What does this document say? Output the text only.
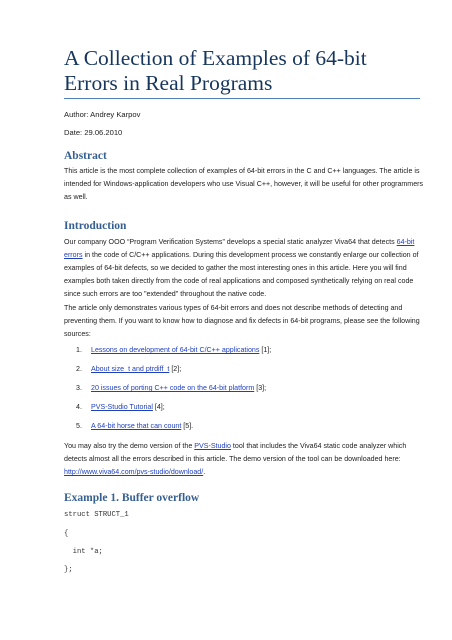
A Collection of Examples of 64-bit Errors in Real Programs
Author: Andrey Karpov
Date: 29.06.2010
Abstract

This article is the most complete collection of examples of 64-bit errors in the C and C++ languages. The article is intended for Windows-application developers who use Visual C++, however, it will be useful for other programmers as well.

Introduction

Our company OOO “Program Verification Systems” develops a special static analyzer Viva64 that detects 64-bit errors in the code of C/C++ applications. During this development process we constantly enlarge our collection of examples of 64-bit defects, so we decided to gather the most interesting ones in this article. Here you will find examples both taken directly from the code of real applications and composed synthetically relying on real code since such errors are too "extended" throughout the native code.

The article only demonstrates various types of 64-bit errors and does not describe methods of detecting and preventing them. If you want to know how to diagnose and fix defects in 64-bit programs, please see the following sources:

1. Lessons on development of 64-bit C/C++ applications [1];
2. About size_t and ptrdiff_t [2];
3. 20 issues of porting C++ code on the 64-bit platform [3];
4. PVS-Studio Tutorial [4];
5. A 64-bit horse that can count [5].

You may also try the demo version of the PVS-Studio tool that includes the Viva64 static code analyzer which detects almost all the errors described in this article. The demo version of the tool can be downloaded here: http://www.viva64.com/pvs-studio/download/.

Example 1. Buffer overflow
struct STRUCT_1
{
int *a;
};
